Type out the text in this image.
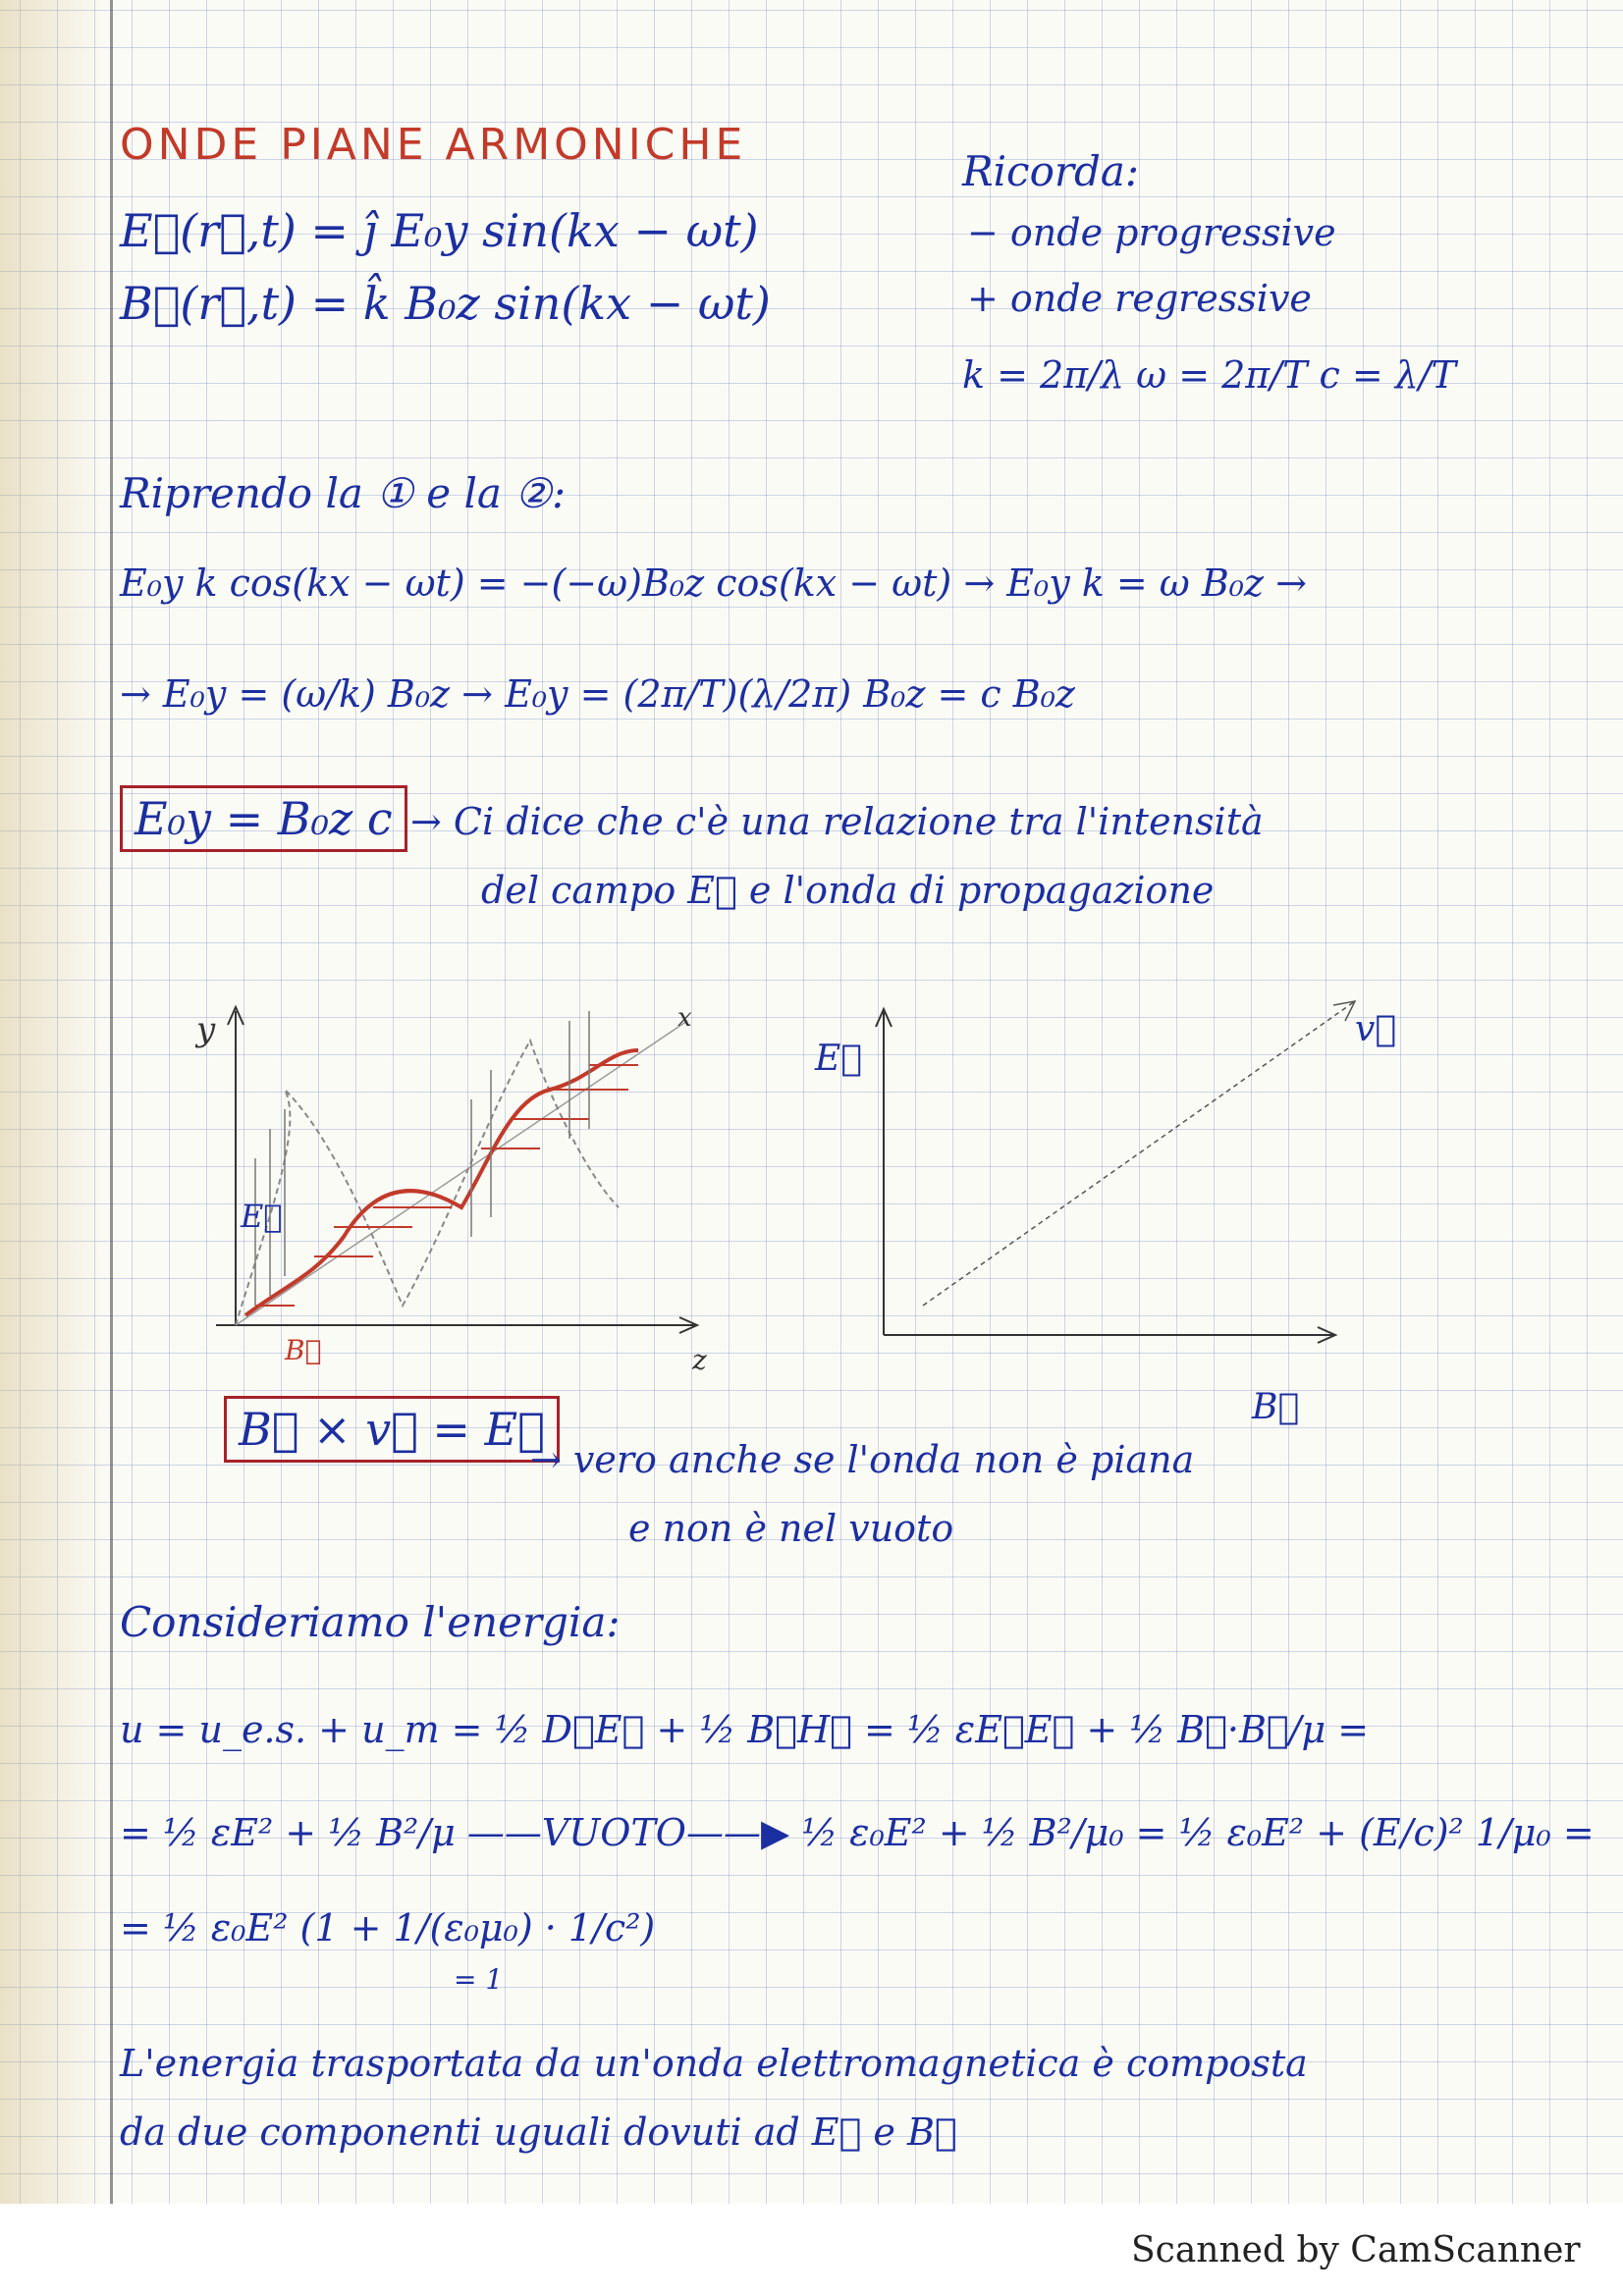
ONDE PIANE ARMONICHE
E⃗(r⃗,t) = ĵ E₀y sin(kx − ωt)
B⃗(r⃗,t) = k̂ B₀z sin(kx − ωt)
Ricorda:
− onde progressive
+ onde regressive
k = 2π/λ ω = 2π/T c = λ/T
Riprendo la ① e la ②:
E₀y k cos(kx − ωt) = −(−ω)B₀z cos(kx − ωt) → E₀y k = ω B₀z →
→ E₀y = (ω/k) B₀z → E₀y = (2π/T)(λ/2π) B₀z = c B₀z
E₀y = B₀z c → Ci dice che c'è una relazione tra l'intensità
del campo E⃗ e l'onda di propagazione
y
z
x
E⃗
B⃗
E⃗
v⃗
B⃗
B⃗ × v⃗ = E⃗
→ vero anche se l'onda non è piana
e non è nel vuoto
Consideriamo l'energia:
u = u_e.s. + u_m = ½ D⃗E⃗ + ½ B⃗H⃗ = ½ εE⃗E⃗ + ½ B⃗·B⃗/μ =
= ½ εE² + ½ B²/μ ——VUOTO——▶ ½ ε₀E² + ½ B²/μ₀ = ½ ε₀E² + (E/c)² 1/μ₀ =
= ½ ε₀E² (1 + 1/(ε₀μ₀) · 1/c²)
= 1
L'energia trasportata da un'onda elettromagnetica è composta
da due componenti uguali dovuti ad E⃗ e B⃗
Scanned by CamScanner
